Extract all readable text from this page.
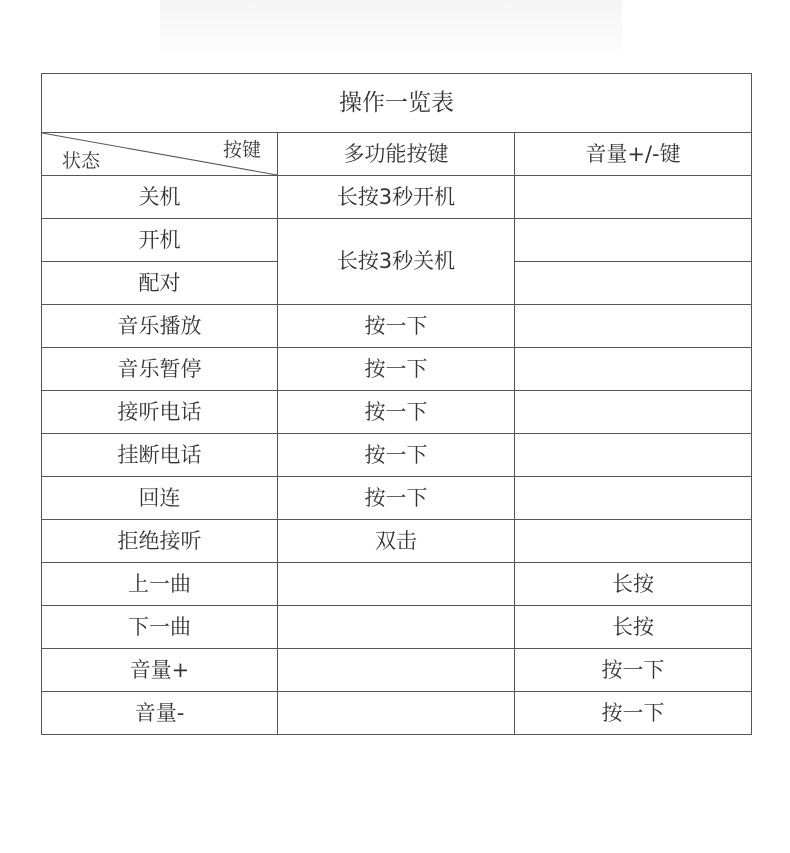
操作一览表		

按键
状态	多功能按键	音量+/-键
关机	长按3秒开机	
开机	长按3秒关机	
配对		
音乐播放	按一下	
音乐暂停	按一下	
接听电话	按一下	
挂断电话	按一下	
回连	按一下	
拒绝接听	双击	
上一曲		长按
下一曲		长按
音量+		按一下
音量-		按一下
